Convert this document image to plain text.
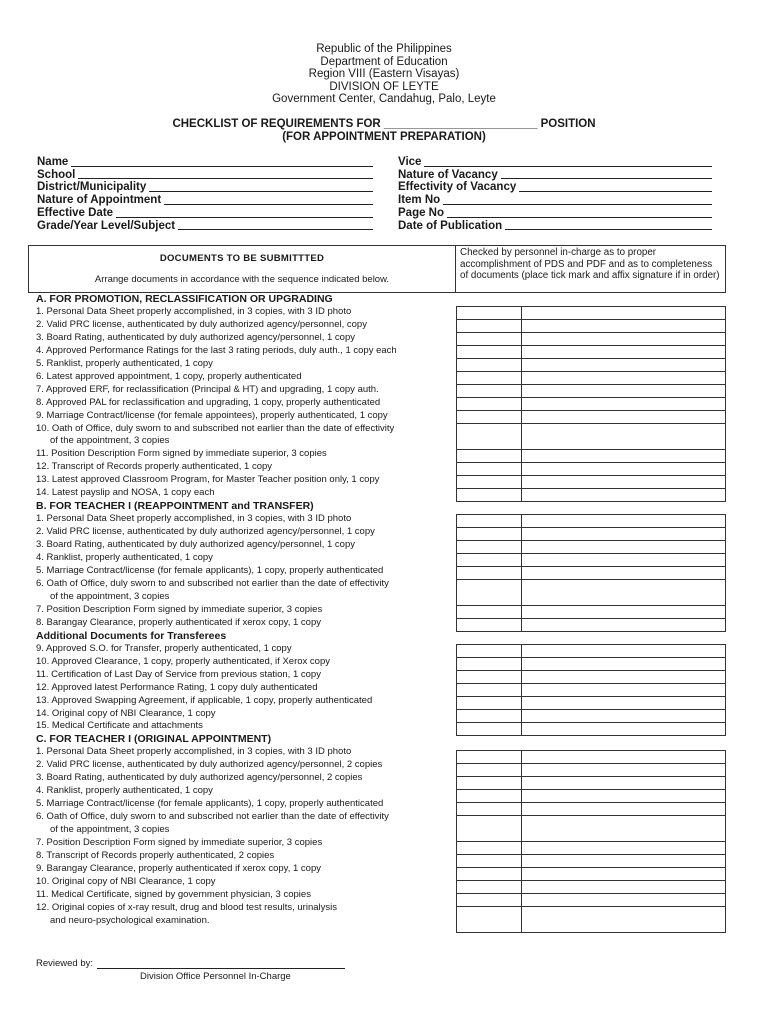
Republic of the Philippines
Department of Education
Region VIII (Eastern Visayas)
DIVISION OF LEYTE
Government Center, Candahug, Palo, Leyte
CHECKLIST OF REQUIREMENTS FOR ________________________ POSITION
(FOR APPOINTMENT PREPARATION)
Name
School
District/Municipality
Nature of Appointment
Effective Date
Grade/Year Level/Subject
Vice
Nature of Vacancy
Effectivity of Vacancy
Item No
Page No
Date of Publication
DOCUMENTS TO BE SUBMITTTED
Arrange documents in accordance with the sequence indicated below.
Checked by personnel in-charge as to proper accomplishment of PDS and PDF and as to completeness of documents (place tick mark and affix signature if in order)
A. FOR PROMOTION, RECLASSIFICATION OR UPGRADING
1. Personal Data Sheet properly accomplished, in 3 copies, with 3 ID photo
2. Valid PRC license, authenticated by duly authorized agency/personnel, copy
3. Board Rating, authenticated by duly authorized agency/personnel, 1 copy
4. Approved Performance Ratings for the last 3 rating periods, duly auth., 1 copy each
5. Ranklist, properly authenticated, 1 copy
6. Latest approved appointment, 1 copy, properly authenticated
7. Approved ERF, for reclassification (Principal & HT) and upgrading, 1 copy auth.
8. Approved PAL for reclassification and upgrading, 1 copy, properly authenticated
9. Marriage Contract/license (for female appointees), properly authenticated, 1 copy
10. Oath of Office, duly sworn to and subscribed not earlier than the date of effectivity
of the appointment, 3 copies
11. Position Description Form signed by immediate superior, 3 copies
12. Transcript of Records properly authenticated, 1 copy
13. Latest approved Classroom Program, for Master Teacher position only, 1 copy
14. Latest payslip and NOSA, 1 copy each
B. FOR TEACHER I (REAPPOINTMENT and TRANSFER)
1. Personal Data Sheet properly accomplished, in 3 copies, with 3 ID photo
2. Valid PRC license, authenticated by duly authorized agency/personnel, 1 copy
3. Board Rating, authenticated by duly authorized agency/personnel, 1 copy
4. Ranklist, properly authenticated, 1 copy
5. Marriage Contract/license (for female applicants), 1 copy, properly authenticated
6. Oath of Office, duly sworn to and subscribed not earlier than the date of effectivity
of the appointment, 3 copies
7. Position Description Form signed by immediate superior, 3 copies
8. Barangay Clearance, properly authenticated if xerox copy, 1 copy
Additional Documents for Transferees
9. Approved S.O. for Transfer, properly authenticated, 1 copy
10. Approved Clearance, 1 copy, properly authenticated, if Xerox copy
11. Certification of Last Day of Service from previous station, 1 copy
12. Approved latest Performance Rating, 1 copy duly authenticated
13. Approved Swapping Agreement, if applicable, 1 copy, properly authenticated
14. Original copy of NBI Clearance, 1 copy
15. Medical Certificate and attachments
C. FOR TEACHER I (ORIGINAL APPOINTMENT)
1. Personal Data Sheet properly accomplished, in 3 copies, with 3 ID photo
2. Valid PRC license, authenticated by duly authorized agency/personnel, 2 copies
3. Board Rating, authenticated by duly authorized agency/personnel, 2 copies
4. Ranklist, properly authenticated, 1 copy
5. Marriage Contract/license (for female applicants), 1 copy, properly authenticated
6. Oath of Office, duly sworn to and subscribed not earlier than the date of effectivity
of the appointment, 3 copies
7. Position Description Form signed by immediate superior, 3 copies
8. Transcript of Records properly authenticated, 2 copies
9. Barangay Clearance, properly authenticated if xerox copy, 1 copy
10. Original copy of NBI Clearance, 1 copy
11. Medical Certificate, signed by government physician, 3 copies
12. Original copies of x-ray result, drug and blood test results, urinalysis
and neuro-psychological examination.

Reviewed by:
Division Office Personnel In-Charge
